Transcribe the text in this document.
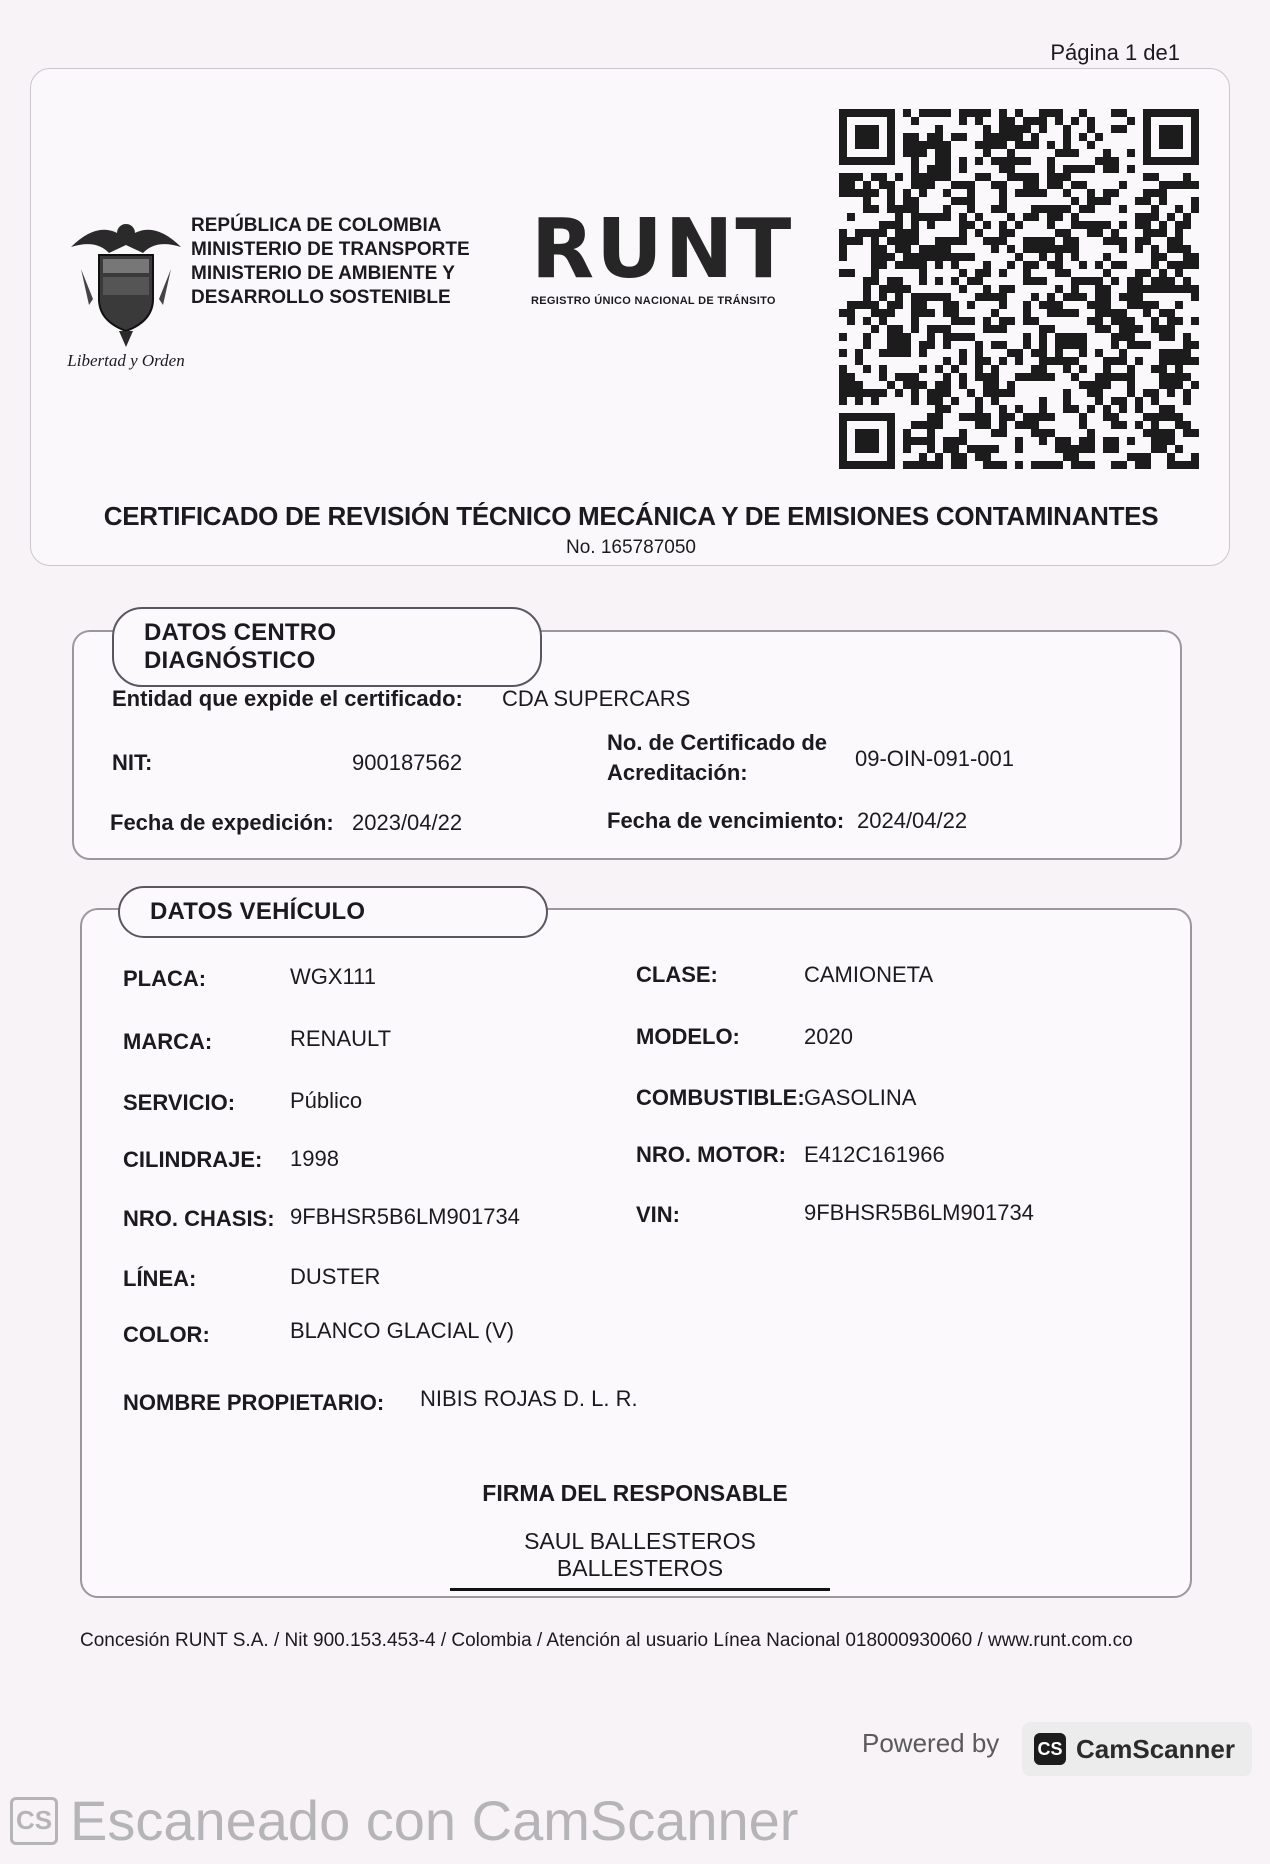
Página 1 de1
Libertad y Orden
REPÚBLICA DE COLOMBIA
MINISTERIO DE TRANSPORTE
MINISTERIO DE AMBIENTE Y
DESARROLLO SOSTENIBLE
RUNT
REGISTRO ÚNICO NACIONAL DE TRÁNSITO
CERTIFICADO DE REVISIÓN TÉCNICO MECÁNICA Y DE EMISIONES CONTAMINANTES
No. 165787050
DATOS CENTRO DIAGNÓSTICO
Entidad que expide el certificado: CDA SUPERCARS
NIT:	900187562
No. de Certificado de
Acreditación:
09-OIN-091-001
Fecha de expedición: 2023/04/22	Fecha de vencimiento: 2024/04/22
DATOS VEHÍCULO
PLACA:	WGX111	CLASE:	CAMIONETA
MARCA:	RENAULT	MODELO:	2020
SERVICIO: Público	COMBUSTIBLE: GASOLINA
CILINDRAJE: 1998	NRO. MOTOR: E412C161966
NRO. CHASIS: 9FBHSR5B6LM901734	VIN:	9FBHSR5B6LM901734
LÍNEA:	DUSTER
COLOR:	BLANCO GLACIAL (V)
NOMBRE PROPIETARIO: NIBIS ROJAS D. L. R.
FIRMA DEL RESPONSABLE
SAUL BALLESTEROS BALLESTEROS
Concesión RUNT S.A. / Nit 900.153.453-4 / Colombia / Atención al usuario Línea Nacional 018000930060 / www.runt.com.co
Powered by CS CamScanner
CS Escaneado con CamScanner
